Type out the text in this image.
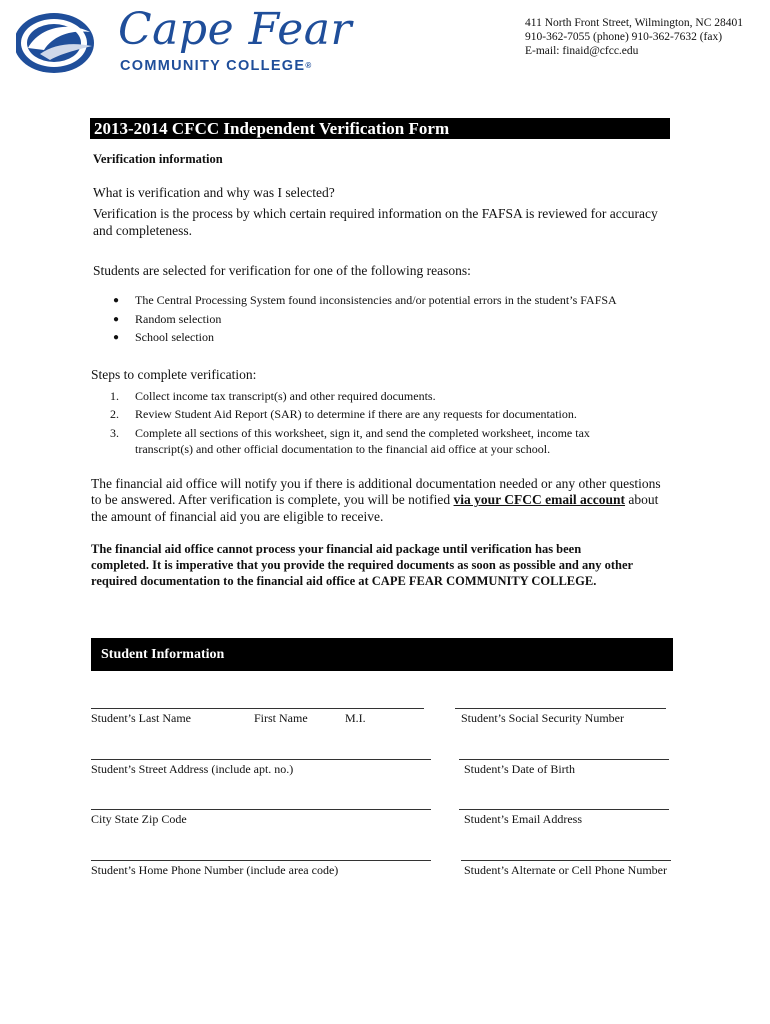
Cape Fear
COMMUNITY COLLEGE®
411 North Front Street, Wilmington, NC 28401
910-362-7055 (phone) 910-362-7632 (fax)
E-mail: finaid@cfcc.edu
2013-2014 CFCC Independent Verification Form
Verification information
What is verification and why was I selected?
Verification is the process by which certain required information on the FAFSA is reviewed for accuracy
and completeness.
Students are selected for verification for one of the following reasons:
● The Central Processing System found inconsistencies and/or potential errors in the student’s FAFSA
● Random selection
● School selection
Steps to complete verification:
1. Collect income tax transcript(s) and other required documents.
2. Review Student Aid Report (SAR) to determine if there are any requests for documentation.
3. Complete all sections of this worksheet, sign it, and send the completed worksheet, income tax
transcript(s) and other official documentation to the financial aid office at your school.
The financial aid office will notify you if there is additional documentation needed or any other questions
to be answered. After verification is complete, you will be notified via your CFCC email account about
the amount of financial aid you are eligible to receive.
The financial aid office cannot process your financial aid package until verification has been
completed. It is imperative that you provide the required documents as soon as possible and any other
required documentation to the financial aid office at CAPE FEAR COMMUNITY COLLEGE.
Student Information
Student’s Last Name	First Name	M.I.	Student’s Social Security Number
Student’s Street Address (include apt. no.)	Student’s Date of Birth
City State Zip Code	Student’s Email Address
Student’s Home Phone Number (include area code)	Student’s Alternate or Cell Phone Number
